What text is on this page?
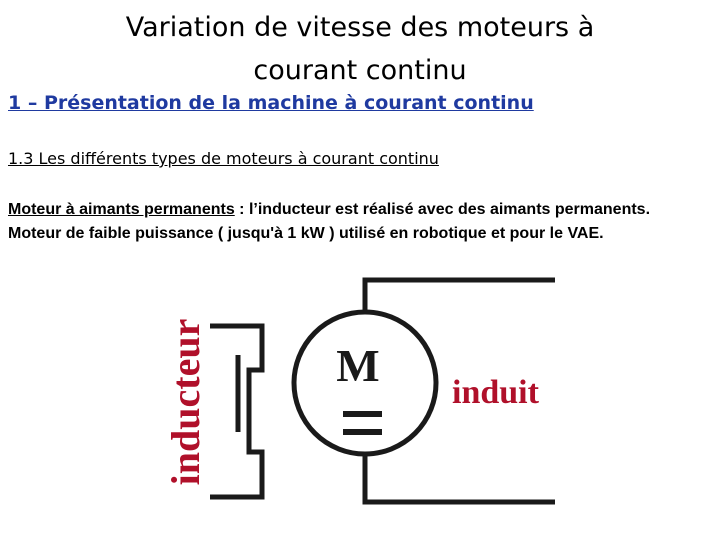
Variation de vitesse des moteurs à
courant continu
1 – Présentation de la machine à courant continu
1.3 Les différents types de moteurs à courant continu
Moteur à aimants permanents : l’inducteur est réalisé avec des aimants permanents. Moteur de faible puissance ( jusqu'à 1 kW ) utilisé en robotique et pour le VAE.
inducteur	M
induit
